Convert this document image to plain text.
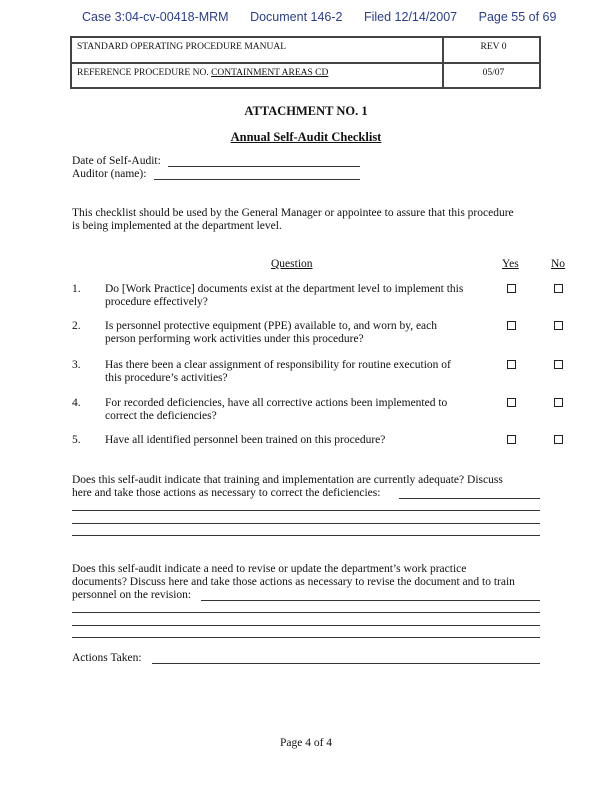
Case 3:04-cv-00418-MRM Document 146-2 Filed 12/14/2007 Page 55 of 69
STANDARD OPERATING PROCEDURE MANUAL	REV 0
REFERENCE PROCEDURE NO. CONTAINMENT AREAS CD	05/07
ATTACHMENT NO. 1
Annual Self-Audit Checklist
Date of Self-Audit:
Auditor (name):
This checklist should be used by the General Manager or appointee to assure that this procedure
is being implemented at the department level.
Question	Yes	No
1. Do [Work Practice] documents exist at the department level to implement this
procedure effectively?
2. Is personnel protective equipment (PPE) available to, and worn by, each
person performing work activities under this procedure?
3. Has there been a clear assignment of responsibility for routine execution of
this procedure’s activities?
4. For recorded deficiencies, have all corrective actions been implemented to
correct the deficiencies?
5. Have all identified personnel been trained on this procedure?
Does this self-audit indicate that training and implementation are currently adequate? Discuss
here and take those actions as necessary to correct the deficiencies:
Does this self-audit indicate a need to revise or update the department’s work practice
documents? Discuss here and take those actions as necessary to revise the document and to train
personnel on the revision:
Actions Taken:
Page 4 of 4
